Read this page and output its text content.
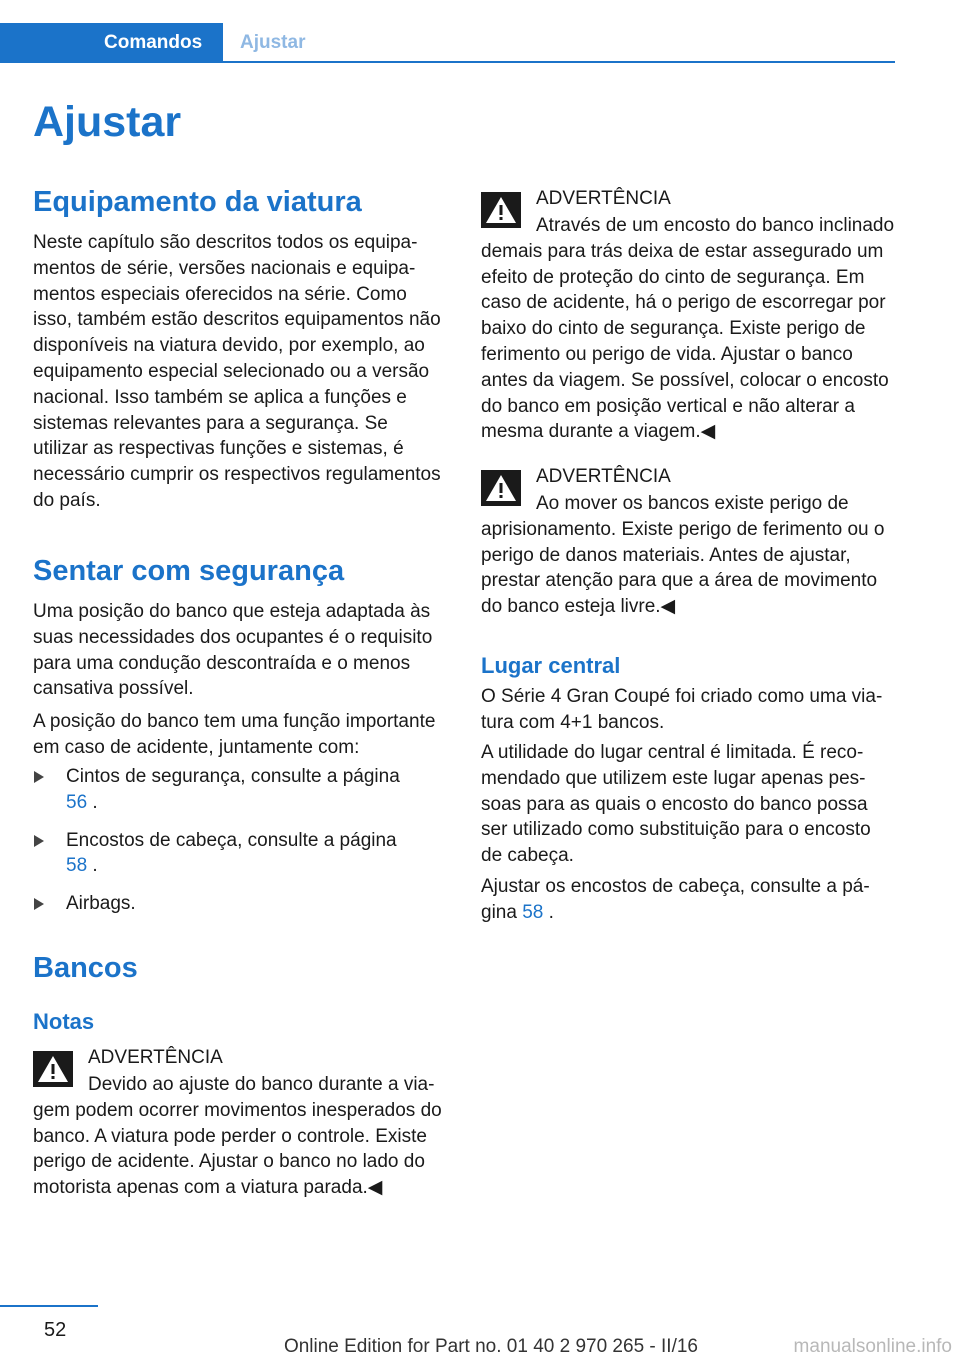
Comandos	Ajustar
Ajustar
Equipamento da viatura

Neste capítulo são descritos todos os equipamentos de série, versões nacionais e equipamentos especiais oferecidos na série. Como isso, também estão descritos equipamentos não disponíveis na viatura devido, por exemplo, ao equipamento especial selecionado ou a versão nacional. Isso também se aplica a funções e sistemas relevantes para a segurança. Se utilizar as respectivas funções e sistemas, é necessário cumprir os respectivos regulamentos do país.

Sentar com segurança

Uma posição do banco que esteja adaptada às suas necessidades dos ocupantes é o requisito para uma condução descontraída e o menos cansativa possível.

A posição do banco tem uma função importante em caso de acidente, juntamente com:

Cintos de segurança, consulte a página
56 .
Encostos de cabeça, consulte a página
58 .
Airbags.
Bancos
Notas
ADVERTÊNCIA

Devido ao ajuste do banco durante a viagem podem ocorrer movimentos inesperados do banco. A viatura pode perder o controle. Existe perigo de acidente. Ajustar o banco no lado do motorista apenas com a viatura parada.◀

ADVERTÊNCIA

Através de um encosto do banco inclinado demais para trás deixa de estar assegurado um efeito de proteção do cinto de segurança. Em caso de acidente, há o perigo de escorregar por baixo do cinto de segurança. Existe perigo de ferimento ou perigo de vida. Ajustar o banco antes da viagem. Se possível, colocar o encosto do banco em posição vertical e não alterar a mesma durante a viagem.◀

ADVERTÊNCIA

Ao mover os bancos existe perigo de aprisionamento. Existe perigo de ferimento ou o perigo de danos materiais. Antes de ajustar, prestar atenção para que a área de movimento do banco esteja livre.◀

Lugar central

O Série 4 Gran Coupé foi criado como uma viatura com 4+1 bancos.

A utilidade do lugar central é limitada. É recomendado que utilizem este lugar apenas pessoas para as quais o encosto do banco possa ser utilizado como substituição para o encosto de cabeça.

Ajustar os encostos de cabeça, consulte a página 58 .

52
Online Edition for Part no. 01 40 2 970 265 - II/16	manualsonline.info
